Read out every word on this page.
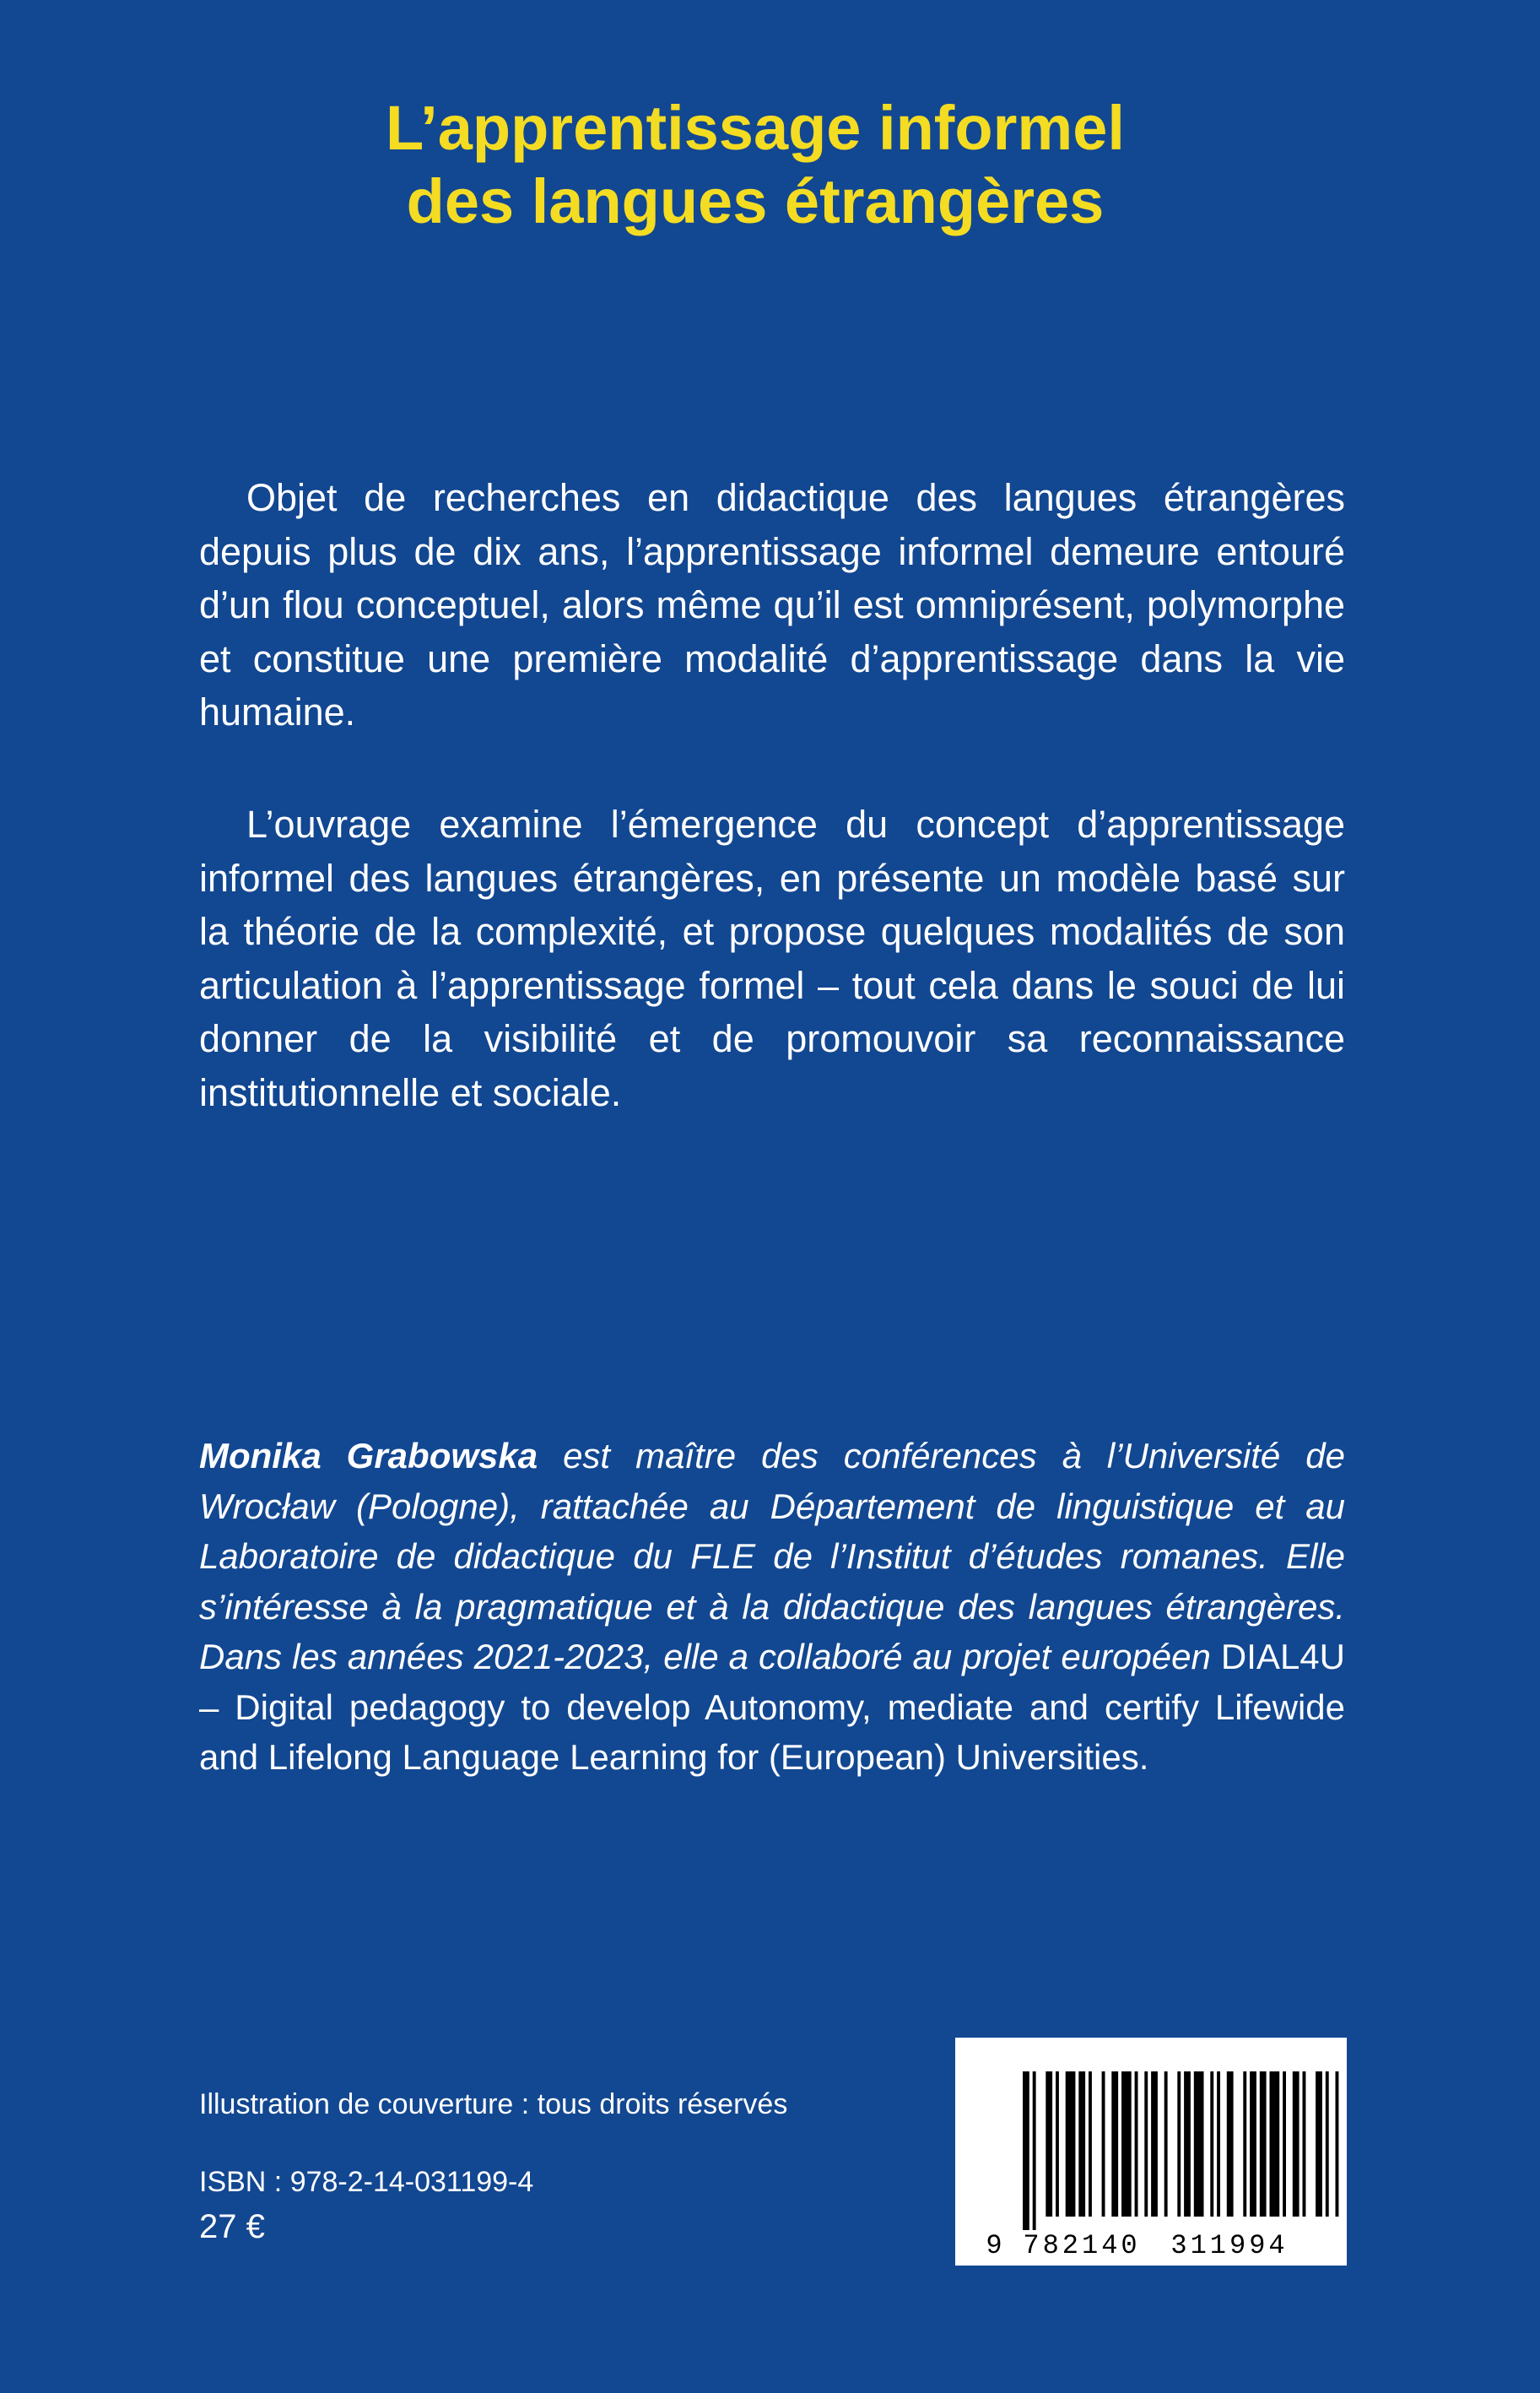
L’apprentissage informel
des langues étrangères

Objet de recherches en didactique des langues étrangères depuis plus de dix ans, l’apprentissage informel demeure entouré d’un flou conceptuel, alors même qu’il est omniprésent, polymorphe et constitue une première modalité d’apprentissage dans la vie humaine.

L’ouvrage examine l’émergence du concept d’apprentissage informel des langues étrangères, en présente un modèle basé sur la théorie de la complexité, et propose quelques modalités de son articulation à l’apprentissage formel – tout cela dans le souci de lui donner de la visibilité et de promouvoir sa reconnaissance institutionnelle et sociale.

Monika Grabowska est maître des conférences à l’Université de Wrocław (Pologne), rattachée au Département de linguistique et au Laboratoire de didactique du FLE de l’Institut d’études romanes. Elle s’intéresse à la pragmatique et à la didactique des langues étrangères. Dans les années 2021-2023, elle a collaboré au projet européen DIAL4U – Digital pedagogy to develop Autonomy, mediate and certify Lifewide and Lifelong Language Learning for (European) Universities.

Illustration de couverture : tous droits réservés

ISBN : 978-2-14-031199-4

27 €

9 782140 311994
